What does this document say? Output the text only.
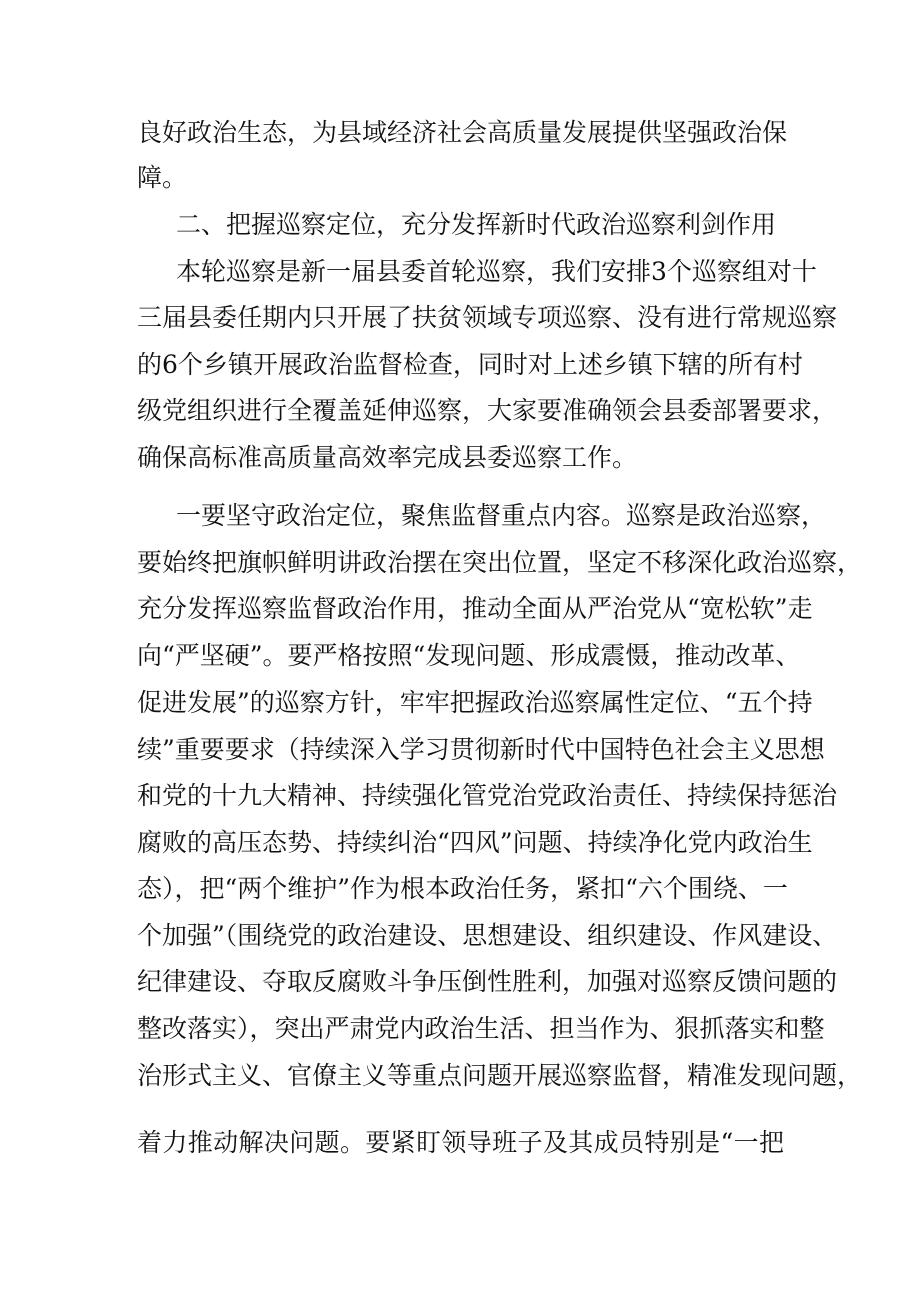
良好政治生态，为县域经济社会高质量发展提供坚强政治保
障。
二、把握巡察定位，充分发挥新时代政治巡察利剑作用
本轮巡察是新一届县委首轮巡察，我们安排3个巡察组对十
三届县委任期内只开展了扶贫领域专项巡察、没有进行常规巡察
的6个乡镇开展政治监督检查，同时对上述乡镇下辖的所有村
级党组织进行全覆盖延伸巡察，大家要准确领会县委部署要求，
确保高标准高质量高效率完成县委巡察工作。
一要坚守政治定位，聚焦监督重点内容。巡察是政治巡察，
要始终把旗帜鲜明讲政治摆在突出位置，坚定不移深化政治巡察，
充分发挥巡察监督政治作用，推动全面从严治党从“宽松软”走
向“严坚硬”。要严格按照“发现问题、形成震慑，推动改革、
促进发展”的巡察方针，牢牢把握政治巡察属性定位、“五个持
续”重要要求（持续深入学习贯彻新时代中国特色社会主义思想
和党的十九大精神、持续强化管党治党政治责任、持续保持惩治
腐败的高压态势、持续纠治“四风”问题、持续净化党内政治生
态），把“两个维护”作为根本政治任务，紧扣“六个围绕、一
个加强”（围绕党的政治建设、思想建设、组织建设、作风建设、
纪律建设、夺取反腐败斗争压倒性胜利，加强对巡察反馈问题的
整改落实），突出严肃党内政治生活、担当作为、狠抓落实和整
治形式主义、官僚主义等重点问题开展巡察监督，精准发现问题，
着力推动解决问题。要紧盯领导班子及其成员特别是“一把
